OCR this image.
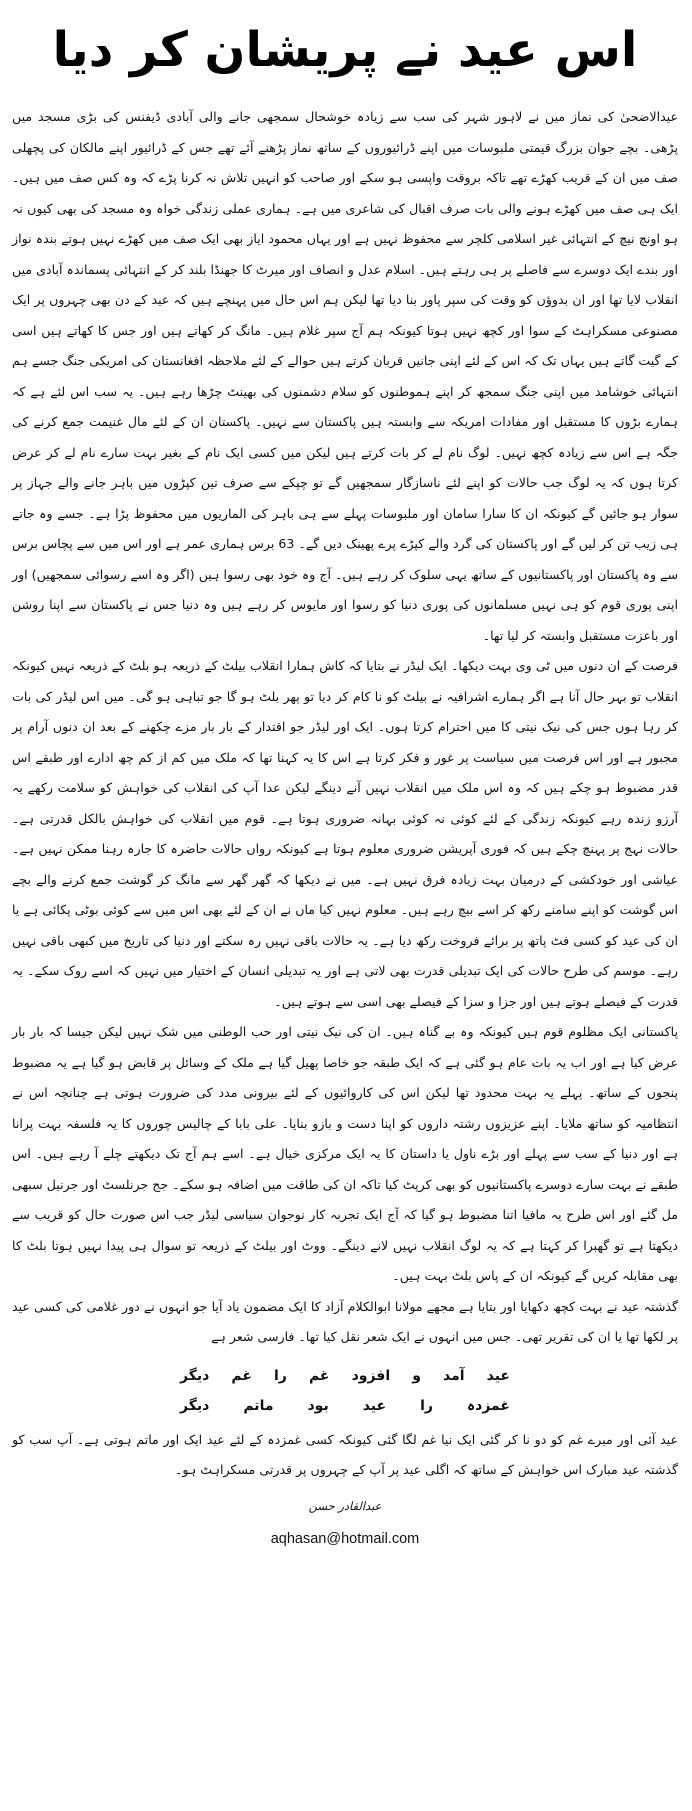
اس عید نے پریشان کر دیا

عیدالاضحیٰ کی نماز میں نے لاہور شہر کی سب سے زیادہ خوشحال سمجھی جانے والی آبادی ڈیفنس کی بڑی مسجد میں پڑھی۔ بچے جوان بزرگ قیمتی ملبوسات میں اپنے ڈرائیوروں کے ساتھ نماز پڑھنے آئے تھے جس کے ڈرائیور اپنے مالکان کی پچھلی صف میں ان کے قریب کھڑے تھے تاکہ بروقت واپسی ہو سکے اور صاحب کو انہیں تلاش نہ کرنا پڑے کہ وہ کس صف میں ہیں۔ ایک ہی صف میں کھڑے ہونے والی بات صرف اقبال کی شاعری میں ہے۔ ہماری عملی زندگی خواہ وہ مسجد کی بھی کیوں نہ ہو اونچ نیچ کے انتہائی غیر اسلامی کلچر سے محفوظ نہیں ہے اور یہاں محمود ایاز بھی ایک صف میں کھڑے نہیں ہوتے بندہ نواز اور بندے ایک دوسرے سے فاصلے پر ہی رہتے ہیں۔ اسلام عدل و انصاف اور میرٹ کا جھنڈا بلند کر کے انتہائی پسماندہ آبادی میں انقلاب لایا تھا اور ان بدوؤں کو وقت کی سپر پاور بنا دیا تھا لیکن ہم اس حال میں پہنچے ہیں کہ عید کے دن بھی چہروں پر ایک مصنوعی مسکراہٹ کے سوا اور کچھ نہیں ہوتا کیونکہ ہم آج سپر غلام ہیں۔ مانگ کر کھاتے ہیں اور جس کا کھاتے ہیں اسی کے گیت گاتے ہیں یہاں تک کہ اس کے لئے اپنی جانیں قربان کرتے ہیں حوالے کے لئے ملاحظہ افغانستان کی امریکی جنگ جسے ہم انتہائی خوشامد میں اپنی جنگ سمجھ کر اپنے ہموطنوں کو سلام دشمنوں کی بھینٹ چڑھا رہے ہیں۔ یہ سب اس لئے ہے کہ ہمارے بڑوں کا مستقبل اور مفادات امریکہ سے وابستہ ہیں پاکستان سے نہیں۔ پاکستان ان کے لئے مال غنیمت جمع کرنے کی جگہ ہے اس سے زیادہ کچھ نہیں۔ لوگ نام لے کر بات کرتے ہیں لیکن میں کسی ایک نام کے بغیر بہت سارے نام لے کر عرض کرتا ہوں کہ یہ لوگ جب حالات کو اپنے لئے ناسازگار سمجھیں گے تو چپکے سے صرف تین کپڑوں میں باہر جانے والے جہاز پر سوار ہو جائیں گے کیونکہ ان کا سارا سامان اور ملبوسات پہلے سے ہی باہر کی الماریوں میں محفوظ پڑا ہے۔ جسے وہ جاتے ہی زیب تن کر لیں گے اور پاکستان کی گرد والے کپڑے پرے پھینک دیں گے۔ 63 برس ہماری عمر ہے اور اس میں سے پچاس برس سے وہ پاکستان اور پاکستانیوں کے ساتھ یہی سلوک کر رہے ہیں۔ آج وہ خود بھی رسوا ہیں (اگر وہ اسے رسوائی سمجھیں) اور اپنی پوری قوم کو ہی نہیں مسلمانوں کی پوری دنیا کو رسوا اور مایوس کر رہے ہیں وہ دنیا جس نے پاکستان سے اپنا روشن اور باعزت مستقبل وابستہ کر لیا تھا۔

فرصت کے ان دنوں میں ٹی وی بہت دیکھا۔ ایک لیڈر نے بتایا کہ کاش ہمارا انقلاب بیلٹ کے ذریعہ ہو بلٹ کے ذریعہ نہیں کیونکہ انقلاب تو بہر حال آنا ہے اگر ہمارے اشرافیہ نے بیلٹ کو نا کام کر دیا تو پھر بلٹ ہو گا جو تباہی ہو گی۔ میں اس لیڈر کی بات کر رہا ہوں جس کی نیک نیتی کا میں احترام کرتا ہوں۔ ایک اور لیڈر جو اقتدار کے بار بار مزے چکھنے کے بعد ان دنوں آرام پر مجبور ہے اور اس فرصت میں سیاست پر غور و فکر کرتا ہے اس کا یہ کہنا تھا کہ ملک میں کم از کم چھ ادارے اور طبقے اس قدر مضبوط ہو چکے ہیں کہ وہ اس ملک میں انقلاب نہیں آنے دینگے لیکن عدا آپ کی انقلاب کی خواہش کو سلامت رکھے یہ آرزو زندہ رہے کیونکہ زندگی کے لئے کوئی نہ کوئی بہانہ ضروری ہوتا ہے۔ قوم میں انقلاب کی خواہش بالکل قدرتی ہے۔ حالات نہج پر پہنچ چکے ہیں کہ فوری آپریشن ضروری معلوم ہوتا ہے کیونکہ رواں حالات حاضرہ کا جارہ رہنا ممکن نہیں ہے۔ عیاشی اور خودکشی کے درمیان بہت زیادہ فرق نہیں ہے۔ میں نے دیکھا کہ گھر گھر سے مانگ کر گوشت جمع کرنے والے بچے اس گوشت کو اپنے سامنے رکھ کر اسے بیچ رہے ہیں۔ معلوم نہیں کیا ماں نے ان کے لئے بھی اس میں سے کوئی بوٹی پکائی ہے یا ان کی عید کو کسی فٹ پاتھ پر برائے فروخت رکھ دیا ہے۔ یہ حالات باقی نہیں رہ سکتے اور دنیا کی تاریخ میں کبھی باقی نہیں رہے۔ موسم کی طرح حالات کی ایک تبدیلی قدرت بھی لاتی ہے اور یہ تبدیلی انسان کے اختیار میں نہیں کہ اسے روک سکے۔ یہ قدرت کے فیصلے ہوتے ہیں اور جزا و سزا کے فیصلے بھی اسی سے ہوتے ہیں۔

پاکستانی ایک مظلوم قوم ہیں کیونکہ وہ بے گناہ ہیں۔ ان کی نیک نیتی اور حب الوطنی میں شک نہیں لیکن جیسا کہ بار بار عرض کیا ہے اور اب یہ بات عام ہو گئی ہے کہ ایک طبقہ جو خاصا پھیل گیا ہے ملک کے وسائل پر قابض ہو گیا ہے یہ مضبوط پنجوں کے ساتھ۔ پہلے یہ بہت محدود تھا لیکن اس کی کاروائیوں کے لئے بیرونی مدد کی ضرورت ہوتی ہے چنانچہ اس نے انتظامیہ کو ساتھ ملایا۔ اپنے عزیزوں رشتہ داروں کو اپنا دست و بازو بنایا۔ علی بابا کے چالیس چوروں کا یہ فلسفہ بہت پرانا ہے اور دنیا کے سب سے پہلے اور بڑے ناول یا داستان کا یہ ایک مرکزی خیال ہے۔ اسے ہم آج تک دیکھتے چلے آ رہے ہیں۔ اس طبقے نے بہت سارے دوسرے پاکستانیوں کو بھی کرپٹ کیا تاکہ ان کی طاقت میں اضافہ ہو سکے۔ جج جرنلسٹ اور جرنیل سبھی مل گئے اور اس طرح یہ مافیا اتنا مضبوط ہو گیا کہ آج ایک تجربہ کار نوجوان سیاسی لیڈر جب اس صورت حال کو قریب سے دیکھتا ہے تو گھبرا کر کہتا ہے کہ یہ لوگ انقلاب نہیں لانے دینگے۔ ووٹ اور بیلٹ کے ذریعہ تو سوال ہی پیدا نہیں ہوتا بلٹ کا بھی مقابلہ کریں گے کیونکہ ان کے پاس بلٹ بہت ہیں۔

گذشتہ عید نے بہت کچھ دکھایا اور بتایا ہے مجھے مولانا ابوالکلام آزاد کا ایک مضمون یاد آیا جو انہوں نے دور غلامی کی کسی عید پر لکھا تھا یا ان کی تقریر تھی۔ جس میں انہوں نے ایک شعر نقل کیا تھا۔ فارسی شعر ہے

عید
آمد
و
افزود
غم
را
غم
دیگر
غمزدہ
را
عید
بود
ماتم
دیگر

عید آئی اور میرے غم کو دو نا کر گئی ایک نیا غم لگا گئی کیونکہ کسی غمزدہ کے لئے عید ایک اور ماتم ہوتی ہے۔ آپ سب کو گذشتہ عید مبارک اس خواہش کے ساتھ کہ اگلی عید پر آپ کے چہروں پر قدرتی مسکراہٹ ہو۔

عبدالقادر حسن
aqhasan@hotmail.com
